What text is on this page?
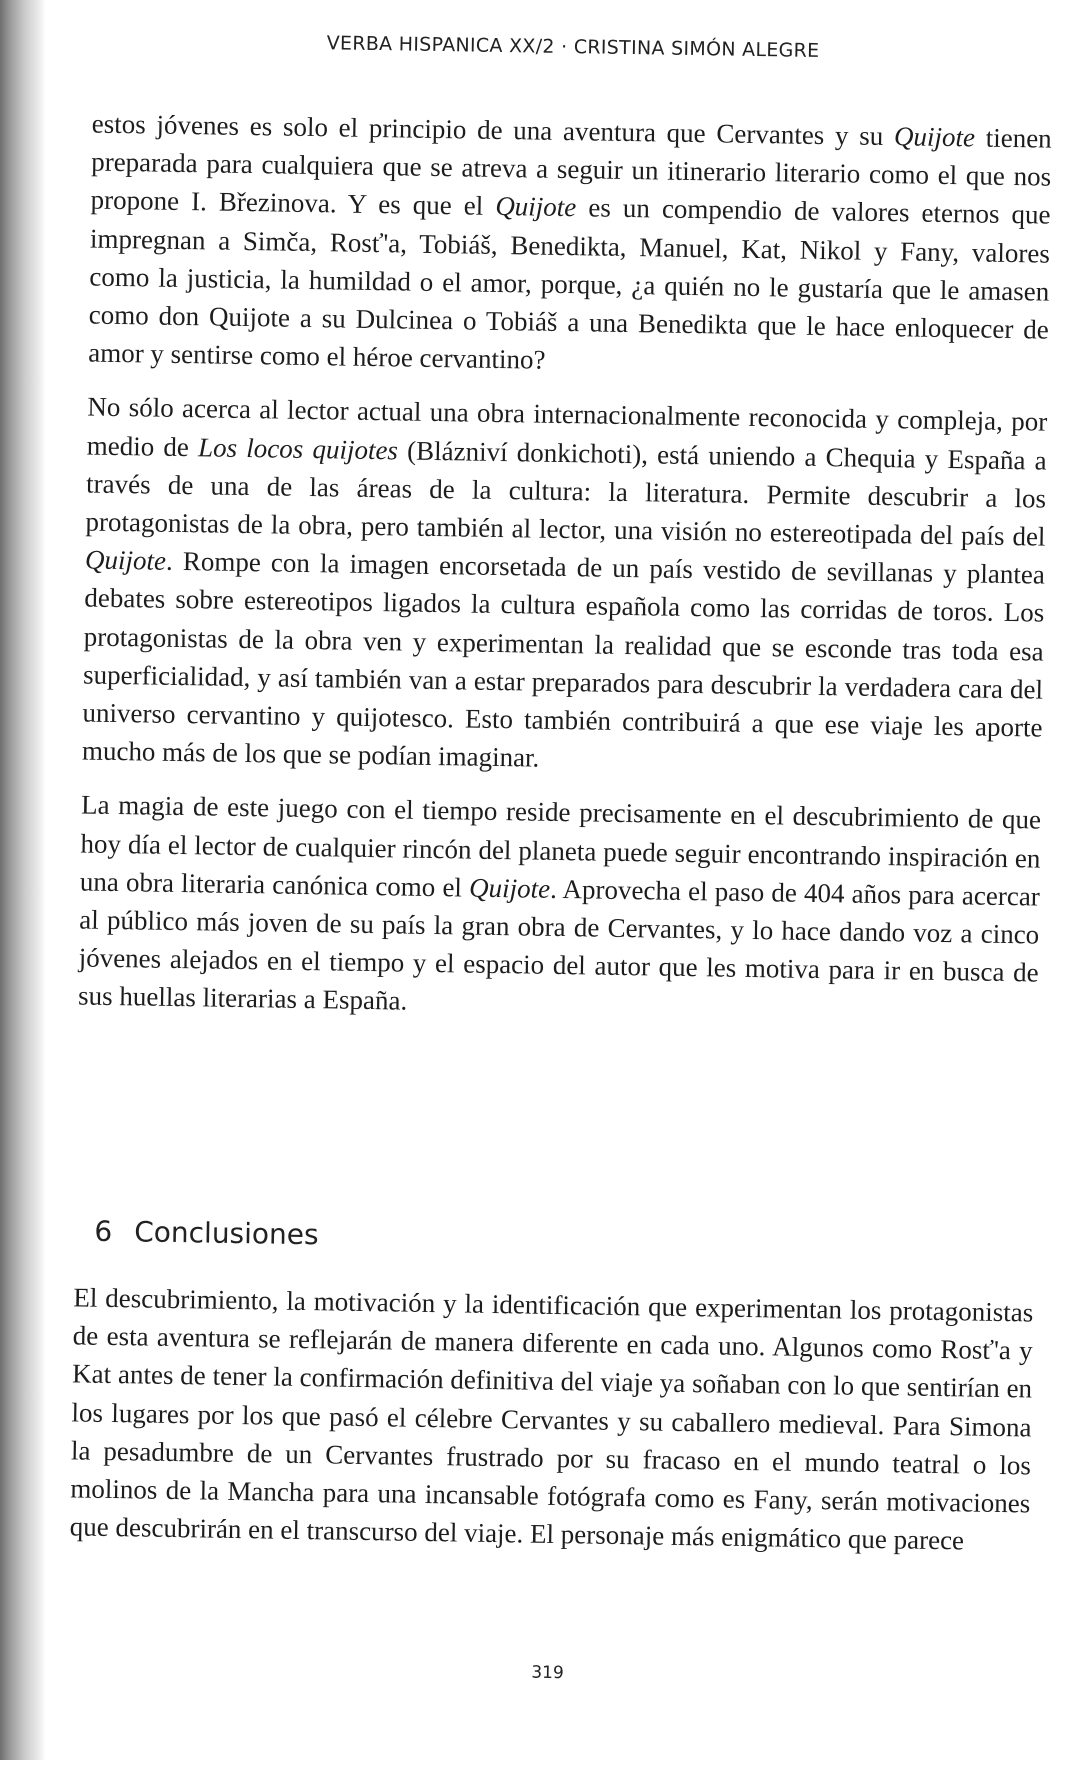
VERBA HISPANICA XX/2 · CRISTINA SIMÓN ALEGRE

estos jóvenes es solo el principio de una aventura que Cervantes y su Quijote tienen preparada para cualquiera que se atreva a seguir un itinerario literario como el que nos propone I. Březinova. Y es que el Quijote es un compendio de valores eternos que impregnan a Simča, Rosť'a, Tobiáš, Benedikta, Manuel, Kat, Nikol y Fany, valores como la justicia, la humildad o el amor, porque, ¿a quién no le gustaría que le amasen como don Quijote a su Dulcinea o Tobiáš a una Benedikta que le hace enloquecer de amor y sentirse como el héroe cervantino?

No sólo acerca al lector actual una obra internacionalmente reconocida y compleja, por medio de Los locos quijotes (Blázniví donkichoti), está uniendo a Chequia y España a través de una de las áreas de la cultura: la literatura. Permite descubrir a los protagonistas de la obra, pero también al lector, una visión no estereotipada del país del Quijote. Rompe con la imagen encorsetada de un país vestido de sevillanas y plantea debates sobre estereotipos ligados la cultura española como las corridas de toros. Los protagonistas de la obra ven y experimentan la realidad que se esconde tras toda esa superficialidad, y así también van a estar preparados para descubrir la verdadera cara del universo cervantino y quijotesco. Esto también contribuirá a que ese viaje les aporte mucho más de los que se podían imaginar.

La magia de este juego con el tiempo reside precisamente en el descubrimiento de que hoy día el lector de cualquier rincón del planeta puede seguir encontrando inspiración en una obra literaria canónica como el Quijote. Aprovecha el paso de 404 años para acercar al público más joven de su país la gran obra de Cervantes, y lo hace dando voz a cinco jóvenes alejados en el tiempo y el espacio del autor que les motiva para ir en busca de sus huellas literarias a España.

6 Conclusiones

El descubrimiento, la motivación y la identificación que experimentan los protagonistas de esta aventura se reflejarán de manera diferente en cada uno. Algunos como Rosť'a y Kat antes de tener la confirmación definitiva del viaje ya soñaban con lo que sentirían en los lugares por los que pasó el célebre Cervantes y su caballero medieval. Para Simona la pesadumbre de un Cervantes frustrado por su fracaso en el mundo teatral o los molinos de la Mancha para una incansable fotógrafa como es Fany, serán motivaciones que descubrirán en el transcurso del viaje. El personaje más enigmático que parece

319
